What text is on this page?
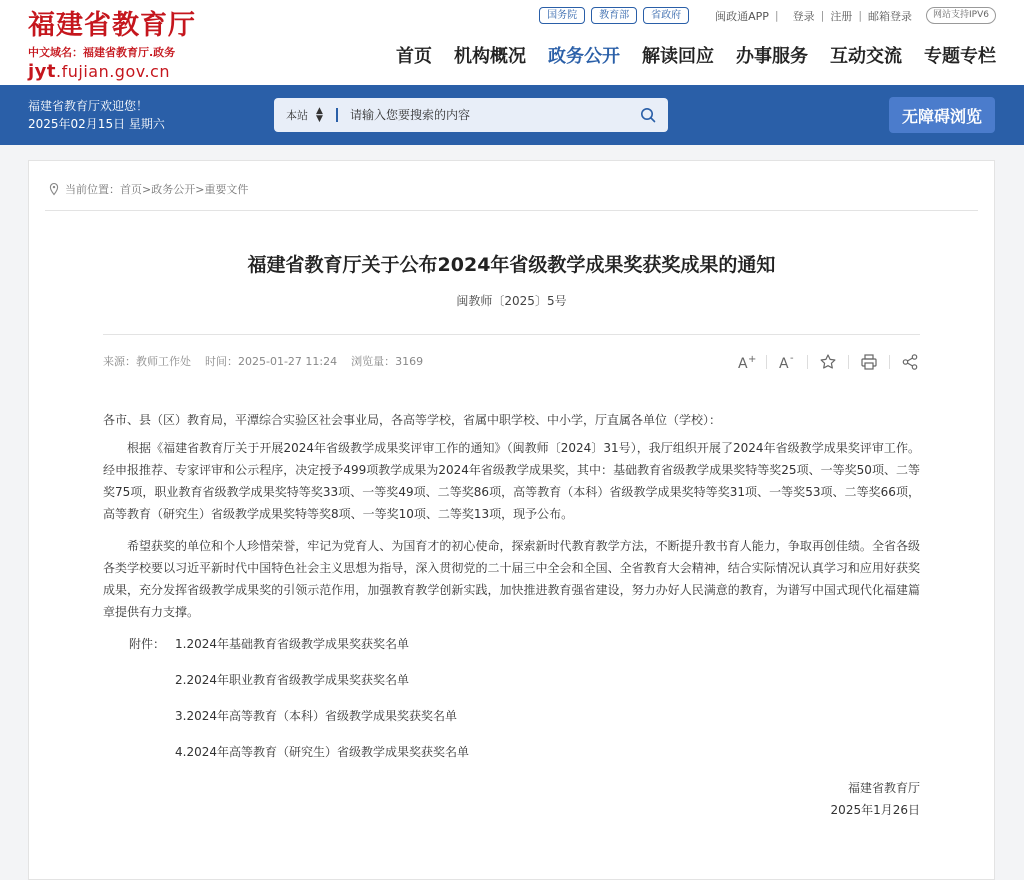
福建省教育厅
中文域名：福建省教育厅.政务
jyt.fujian.gov.cn
国务院	教育部	省政府	闽政通APP | 登录 | 注册 | 邮箱登录	网站支持IPV6
首页 机构概况 政务公开 解读回应 办事服务 互动交流 专题专栏
福建省教育厅欢迎您！
2025年02月15日 星期六
本站 ▲
▼
请输入您要搜索的内容	无障碍浏览
当前位置： 首页 > 政务公开 > 重要文件
福建省教育厅关于公布2024年省级教学成果奖获奖成果的通知
闽教师〔2025〕5号
来源：教师工作处 时间：2025-01-27 11:24 浏览量：3169	A + A -

各市、县（区）教育局，平潭综合实验区社会事业局，各高等学校，省属中职学校、中小学，厅直属各单位（学校）：

根据《福建省教育厅关于开展2024年省级教学成果奖评审工作的通知》（闽教师〔2024〕31号），我厅组织开展了2024年省级教学成果奖评审工作。经申报推荐、专家评审和公示程序，决定授予499项教学成果为2024年省级教学成果奖，其中：基础教育省级教学成果奖特等奖25项、一等奖50项、二等奖75项，职业教育省级教学成果奖特等奖33项、一等奖49项、二等奖86项，高等教育（本科）省级教学成果奖特等奖31项、一等奖53项、二等奖66项，高等教育（研究生）省级教学成果奖特等奖8项、一等奖10项、二等奖13项，现予公布。

希望获奖的单位和个人珍惜荣誉，牢记为党育人、为国育才的初心使命，探索新时代教育教学方法，不断提升教书育人能力，争取再创佳绩。全省各级各类学校要以习近平新时代中国特色社会主义思想为指导，深入贯彻党的二十届三中全会和全国、全省教育大会精神，结合实际情况认真学习和应用好获奖成果，充分发挥省级教学成果奖的引领示范作用，加强教育教学创新实践，加快推进教育强省建设，努力办好人民满意的教育，为谱写中国式现代化福建篇章提供有力支撑。

附件： 1.2024年基础教育省级教学成果奖获奖名单
2.2024年职业教育省级教学成果奖获奖名单
3.2024年高等教育（本科）省级教学成果奖获奖名单
4.2024年高等教育（研究生）省级教学成果奖获奖名单

福建省教育厅

2025年1月26日
